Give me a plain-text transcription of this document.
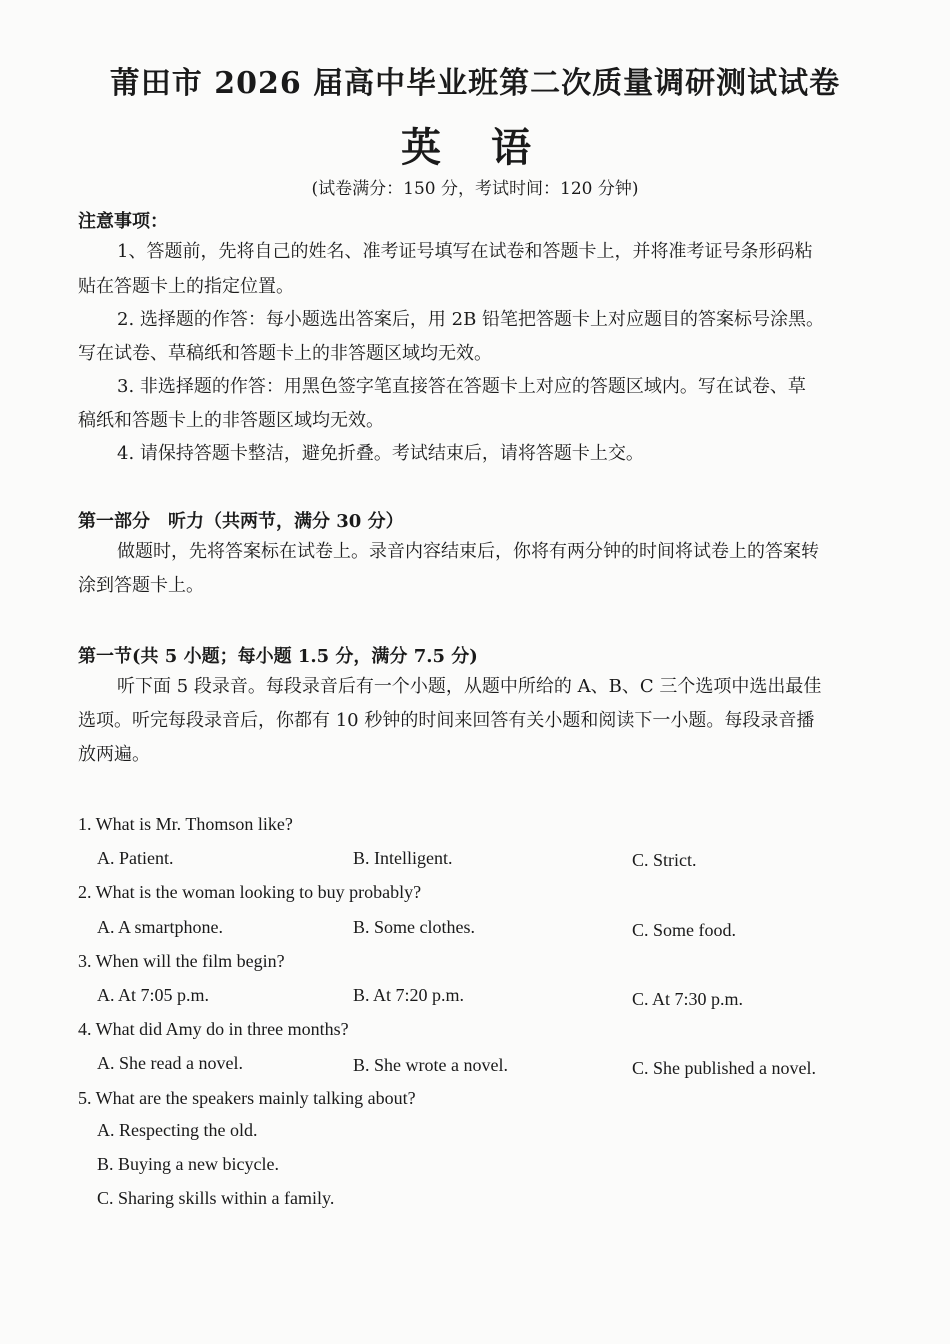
莆田市 2026 届高中毕业班第二次质量调研测试试卷
英 语
(试卷满分：150 分，考试时间：120 分钟)
注意事项：
1、答题前，先将自己的姓名、准考证号填写在试卷和答题卡上，并将准考证号条形码粘
贴在答题卡上的指定位置。
2. 选择题的作答：每小题选出答案后，用 2B 铅笔把答题卡上对应题目的答案标号涂黑。
写在试卷、草稿纸和答题卡上的非答题区域均无效。
3. 非选择题的作答：用黑色签字笔直接答在答题卡上对应的答题区域内。写在试卷、草
稿纸和答题卡上的非答题区域均无效。
4. 请保持答题卡整洁，避免折叠。考试结束后，请将答题卡上交。
第一部分　听力（共两节，满分 30 分）
做题时，先将答案标在试卷上。录音内容结束后，你将有两分钟的时间将试卷上的答案转
涂到答题卡上。
第一节(共 5 小题；每小题 1.5 分，满分 7.5 分)
听下面 5 段录音。每段录音后有一个小题，从题中所给的 A、B、C 三个选项中选出最佳
选项。听完每段录音后，你都有 10 秒钟的时间来回答有关小题和阅读下一小题。每段录音播
放两遍。
1. What is Mr. Thomson like?
A. Patient.	B. Intelligent.	C. Strict.
2. What is the woman looking to buy probably?
A. A smartphone.	B. Some clothes.	C. Some food.
3. When will the film begin?
A. At 7:05 p.m.	B. At 7:20 p.m.	C. At 7:30 p.m.
4. What did Amy do in three months?
A. She read a novel.	B. She wrote a novel.	C. She published a novel.
5. What are the speakers mainly talking about?
A. Respecting the old.
B. Buying a new bicycle.
C. Sharing skills within a family.
